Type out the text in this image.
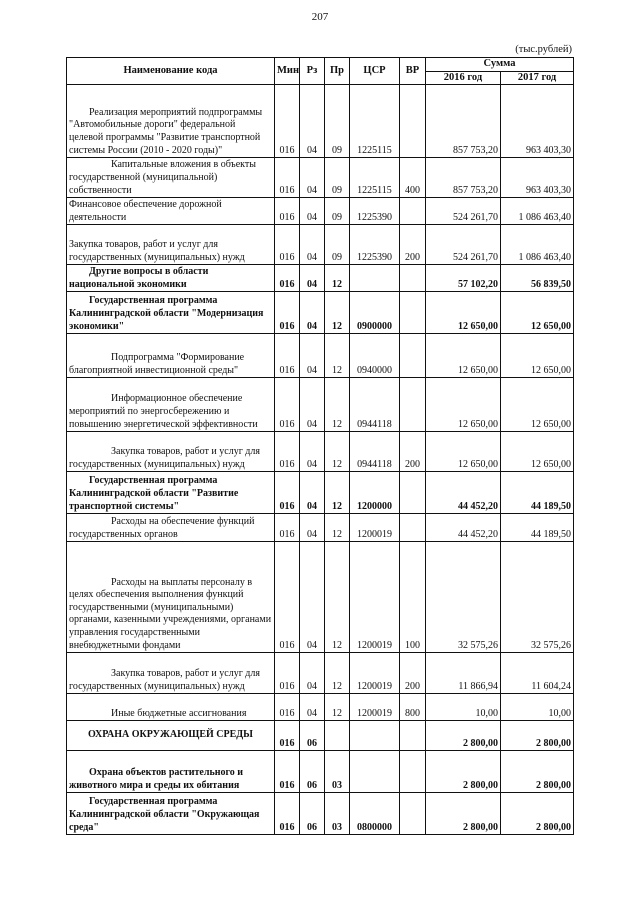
207
(тыс.рублей)
Наименование кода	Мин	Рз	Пр	ЦСР	ВР	Сумма	
						2016 год	2017 год
Реализация мероприятий подпрограммы "Автомобильные дороги" федеральной целевой программы "Развитие транспортной системы России (2010 - 2020 годы)"	016	04	09	1225115		857 753,20	963 403,30
Капитальные вложения в объекты государственной (муниципальной) собственности	016	04	09	1225115	400	857 753,20	963 403,30
Финансовое обеспечение дорожной деятельности	016	04	09	1225390		524 261,70	1 086 463,40
Закупка товаров, работ и услуг для государственных (муниципальных) нужд	016	04	09	1225390	200	524 261,70	1 086 463,40
Другие вопросы в области национальной экономики	016	04	12			57 102,20	56 839,50
Государственная программа Калининградской области "Модернизация экономики"	016	04	12	0900000		12 650,00	12 650,00
Подпрограмма "Формирование благоприятной инвестиционной среды"	016	04	12	0940000		12 650,00	12 650,00
Информационное обеспечение мероприятий по энергосбережению и повышению энергетической эффективности	016	04	12	0944118		12 650,00	12 650,00
Закупка товаров, работ и услуг для государственных (муниципальных) нужд	016	04	12	0944118	200	12 650,00	12 650,00
Государственная программа Калининградской области "Развитие транспортной системы"	016	04	12	1200000		44 452,20	44 189,50
Расходы на обеспечение функций государственных органов	016	04	12	1200019		44 452,20	44 189,50
Расходы на выплаты персоналу в целях обеспечения выполнения функций государственными (муниципальными) органами, казенными учреждениями, органами управления государственными внебюджетными фондами	016	04	12	1200019	100	32 575,26	32 575,26
Закупка товаров, работ и услуг для государственных (муниципальных) нужд	016	04	12	1200019	200	11 866,94	11 604,24
Иные бюджетные ассигнования	016	04	12	1200019	800	10,00	10,00
ОХРАНА ОКРУЖАЮЩЕЙ СРЕДЫ	016	06				2 800,00	2 800,00
Охрана объектов растительного и животного мира и среды их обитания	016	06	03			2 800,00	2 800,00
Государственная программа Калининградской области "Окружающая среда"	016	06	03	0800000		2 800,00	2 800,00
